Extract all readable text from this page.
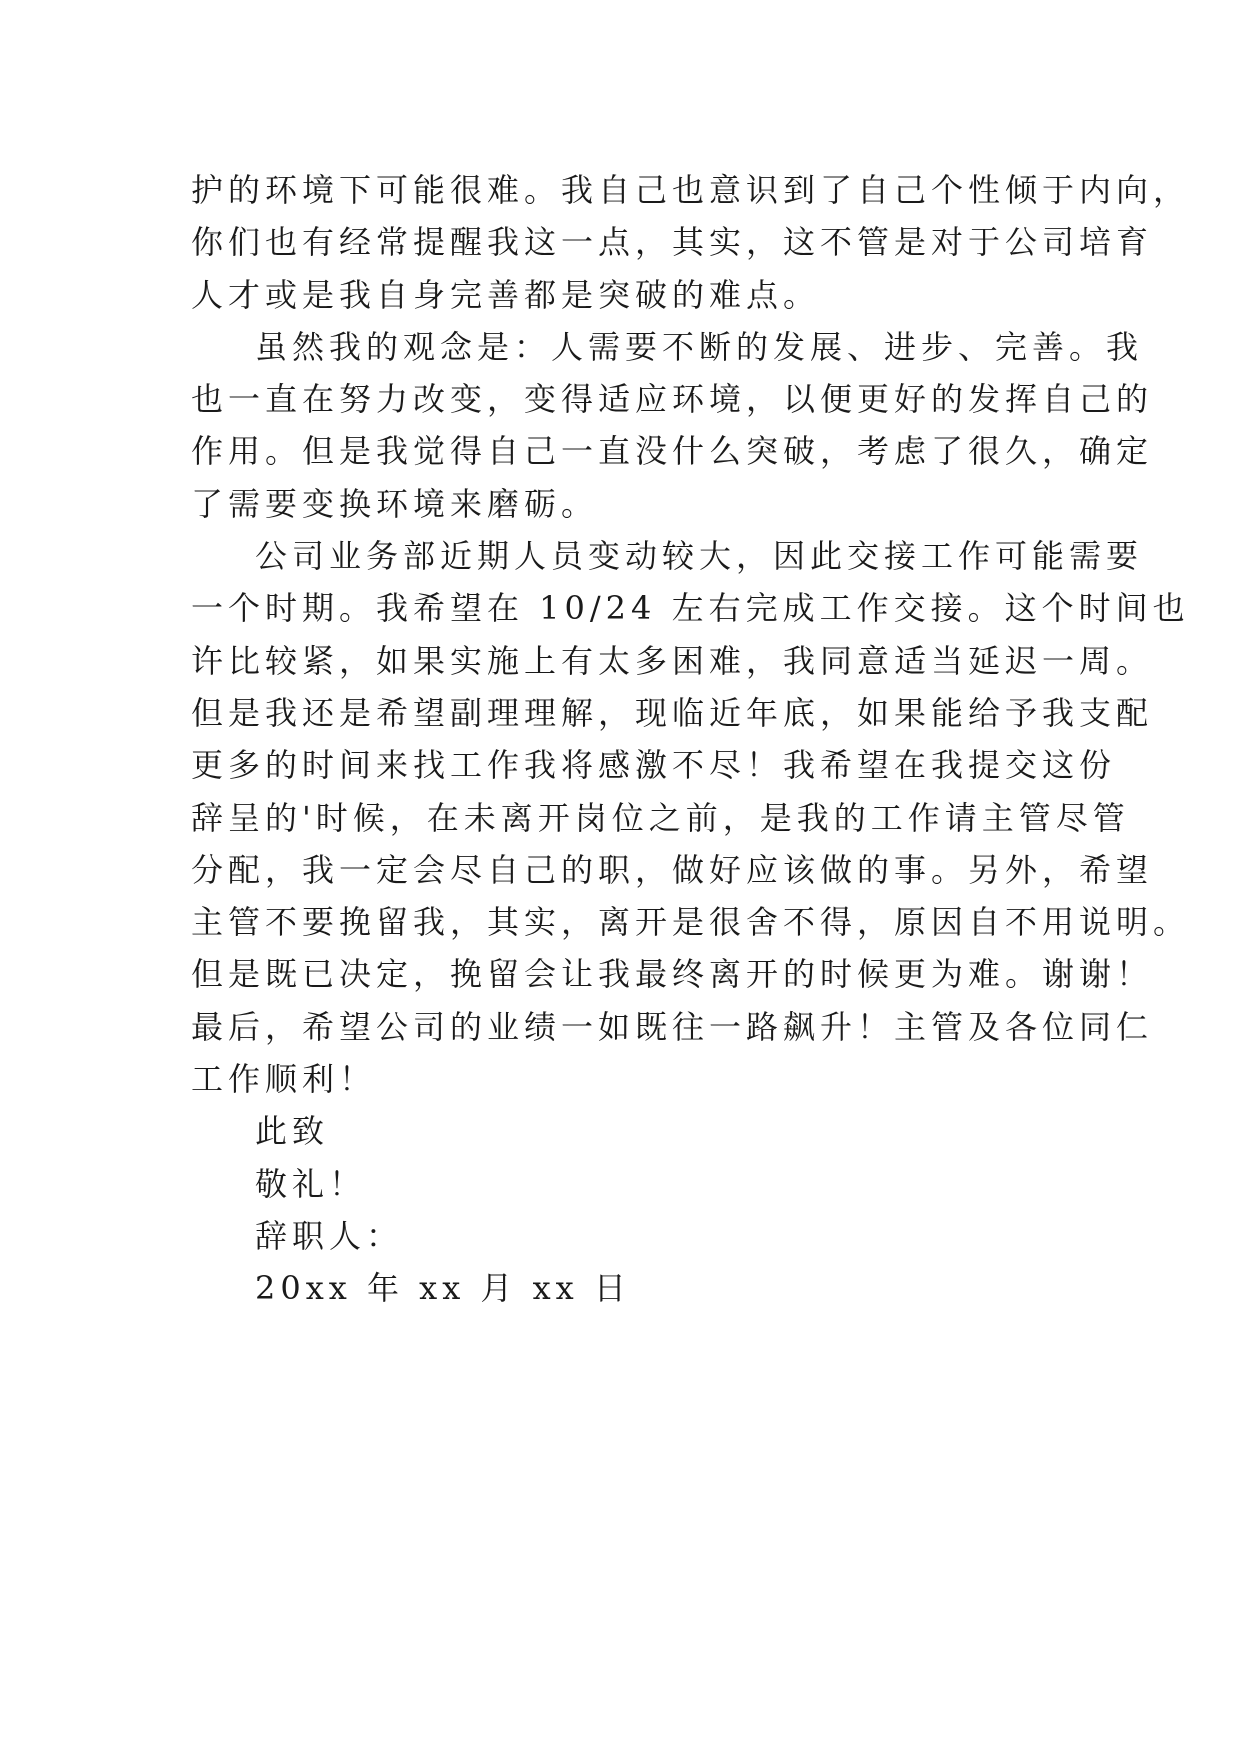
护的环境下可能很难。我自己也意识到了自己个性倾于内向，
你们也有经常提醒我这一点，其实，这不管是对于公司培育
人才或是我自身完善都是突破的难点。
虽然我的观念是：人需要不断的发展、进步、完善。我
也一直在努力改变，变得适应环境，以便更好的发挥自己的
作用。但是我觉得自己一直没什么突破，考虑了很久，确定
了需要变换环境来磨砺。
公司业务部近期人员变动较大，因此交接工作可能需要
一个时期。我希望在 10/24 左右完成工作交接。这个时间也
许比较紧，如果实施上有太多困难，我同意适当延迟一周。
但是我还是希望副理理解，现临近年底，如果能给予我支配
更多的时间来找工作我将感激不尽！我希望在我提交这份
辞呈的'时候，在未离开岗位之前，是我的工作请主管尽管
分配，我一定会尽自己的职，做好应该做的事。另外，希望
主管不要挽留我，其实，离开是很舍不得，原因自不用说明。
但是既已决定，挽留会让我最终离开的时候更为难。谢谢！
最后，希望公司的业绩一如既往一路飙升！主管及各位同仁
工作顺利！
此致
敬礼！
辞职人：
20xx 年 xx 月 xx 日
